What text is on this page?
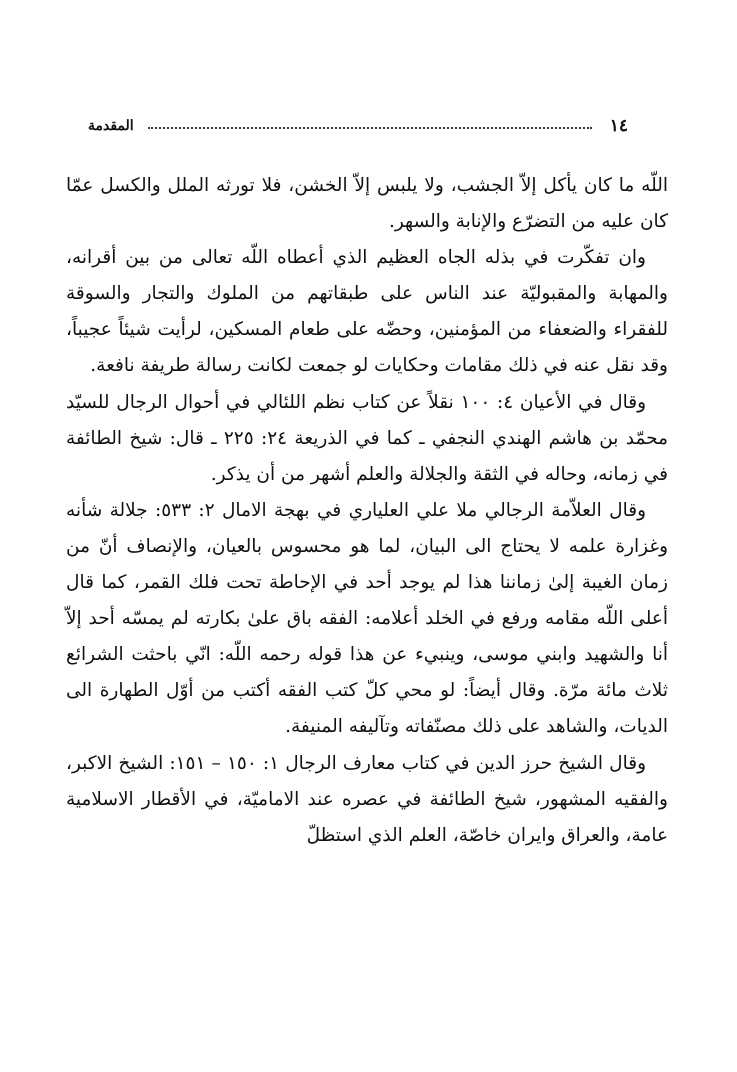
١٤
المقدمة

اللّه ما كان يأكل إلاّ الجشب، ولا يلبس إلاّ الخشن، فلا تورثه الملل والكسل عمّا كان عليه من التضرّع والإنابة والسهر.

وان تفكّرت في بذله الجاه العظيم الذي أعطاه اللّه تعالى من بين أقرانه، والمهابة والمقبوليّة عند الناس على طبقاتهم من الملوك والتجار والسوقة للفقراء والضعفاء من المؤمنين، وحضّه على طعام المسكين، لرأيت شيئاً عجيباً، وقد نقل عنه في ذلك مقامات وحكايات لو جمعت لكانت رسالة طريفة نافعة.

وقال في الأعيان ٤: ١٠٠ نقلاً عن كتاب نظم اللئالي في أحوال الرجال للسيّد محمّد بن هاشم الهندي النجفي ـ كما في الذريعة ٢٤: ٢٢٥ ـ قال: شيخ الطائفة في زمانه، وحاله في الثقة والجلالة والعلم أشهر من أن يذكر.

وقال العلاّمة الرجالي ملا علي العلياري في بهجة الامال ٢: ٥٣٣: جلالة شأنه وغزارة علمه لا يحتاج الى البيان، لما هو محسوس بالعيان، والإنصاف أنّ من زمان الغيبة إلىٰ زماننا هذا لم يوجد أحد في الإحاطة تحت فلك القمر، كما قال أعلى اللّه مقامه ورفع في الخلد أعلامه: الفقه باق علىٰ بكارته لم يمسّه أحد إلاّ أنا والشهيد وابني موسى، وينبيء عن هذا قوله رحمه اللّه: انّي باحثت الشرائع ثلاث مائة مرّة. وقال أيضاً: لو محي كلّ كتب الفقه أكتب من أوّل الطهارة الى الديات، والشاهد على ذلك مصنّفاته وتآليفه المنيفة.

وقال الشيخ حرز الدين في كتاب معارف الرجال ١: ١٥٠ – ١٥١: الشيخ الاكبر، والفقيه المشهور، شيخ الطائفة في عصره عند الاماميّة، في الأقطار الاسلامية عامة، والعراق وايران خاصّة، العلم الذي استظلّ
